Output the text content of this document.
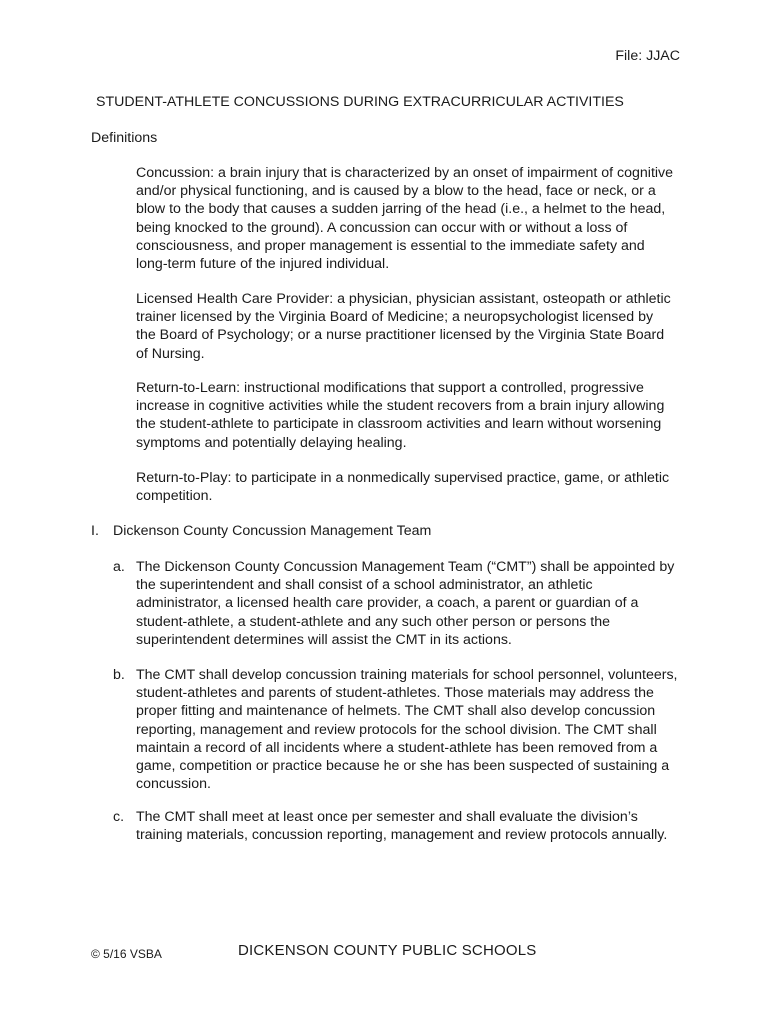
File: JJAC
STUDENT-ATHLETE CONCUSSIONS DURING EXTRACURRICULAR ACTIVITIES
Definitions

Concussion: a brain injury that is characterized by an onset of impairment of cognitive and/or physical functioning, and is caused by a blow to the head, face or neck, or a blow to the body that causes a sudden jarring of the head (i.e., a helmet to the head, being knocked to the ground). A concussion can occur with or without a loss of consciousness, and proper management is essential to the immediate safety and long-term future of the injured individual.

Licensed Health Care Provider: a physician, physician assistant, osteopath or athletic trainer licensed by the Virginia Board of Medicine; a neuropsychologist licensed by the Board of Psychology; or a nurse practitioner licensed by the Virginia State Board of Nursing.

Return-to-Learn: instructional modifications that support a controlled, progressive increase in cognitive activities while the student recovers from a brain injury allowing the student-athlete to participate in classroom activities and learn without worsening symptoms and potentially delaying healing.

Return-to-Play: to participate in a nonmedically supervised practice, game, or athletic competition.

I. Dickenson County Concussion Management Team
a. The Dickenson County Concussion Management Team (“CMT”) shall be appointed by the superintendent and shall consist of a school administrator, an athletic administrator, a licensed health care provider, a coach, a parent or guardian of a student-athlete, a student-athlete and any such other person or persons the superintendent determines will assist the CMT in its actions.
b. The CMT shall develop concussion training materials for school personnel, volunteers, student-athletes and parents of student-athletes. Those materials may address the proper fitting and maintenance of helmets. The CMT shall also develop concussion reporting, management and review protocols for the school division. The CMT shall maintain a record of all incidents where a student-athlete has been removed from a game, competition or practice because he or she has been suspected of sustaining a concussion.
c. The CMT shall meet at least once per semester and shall evaluate the division’s training materials, concussion reporting, management and review protocols annually.
© 5/16 VSBA	DICKENSON COUNTY PUBLIC SCHOOLS
